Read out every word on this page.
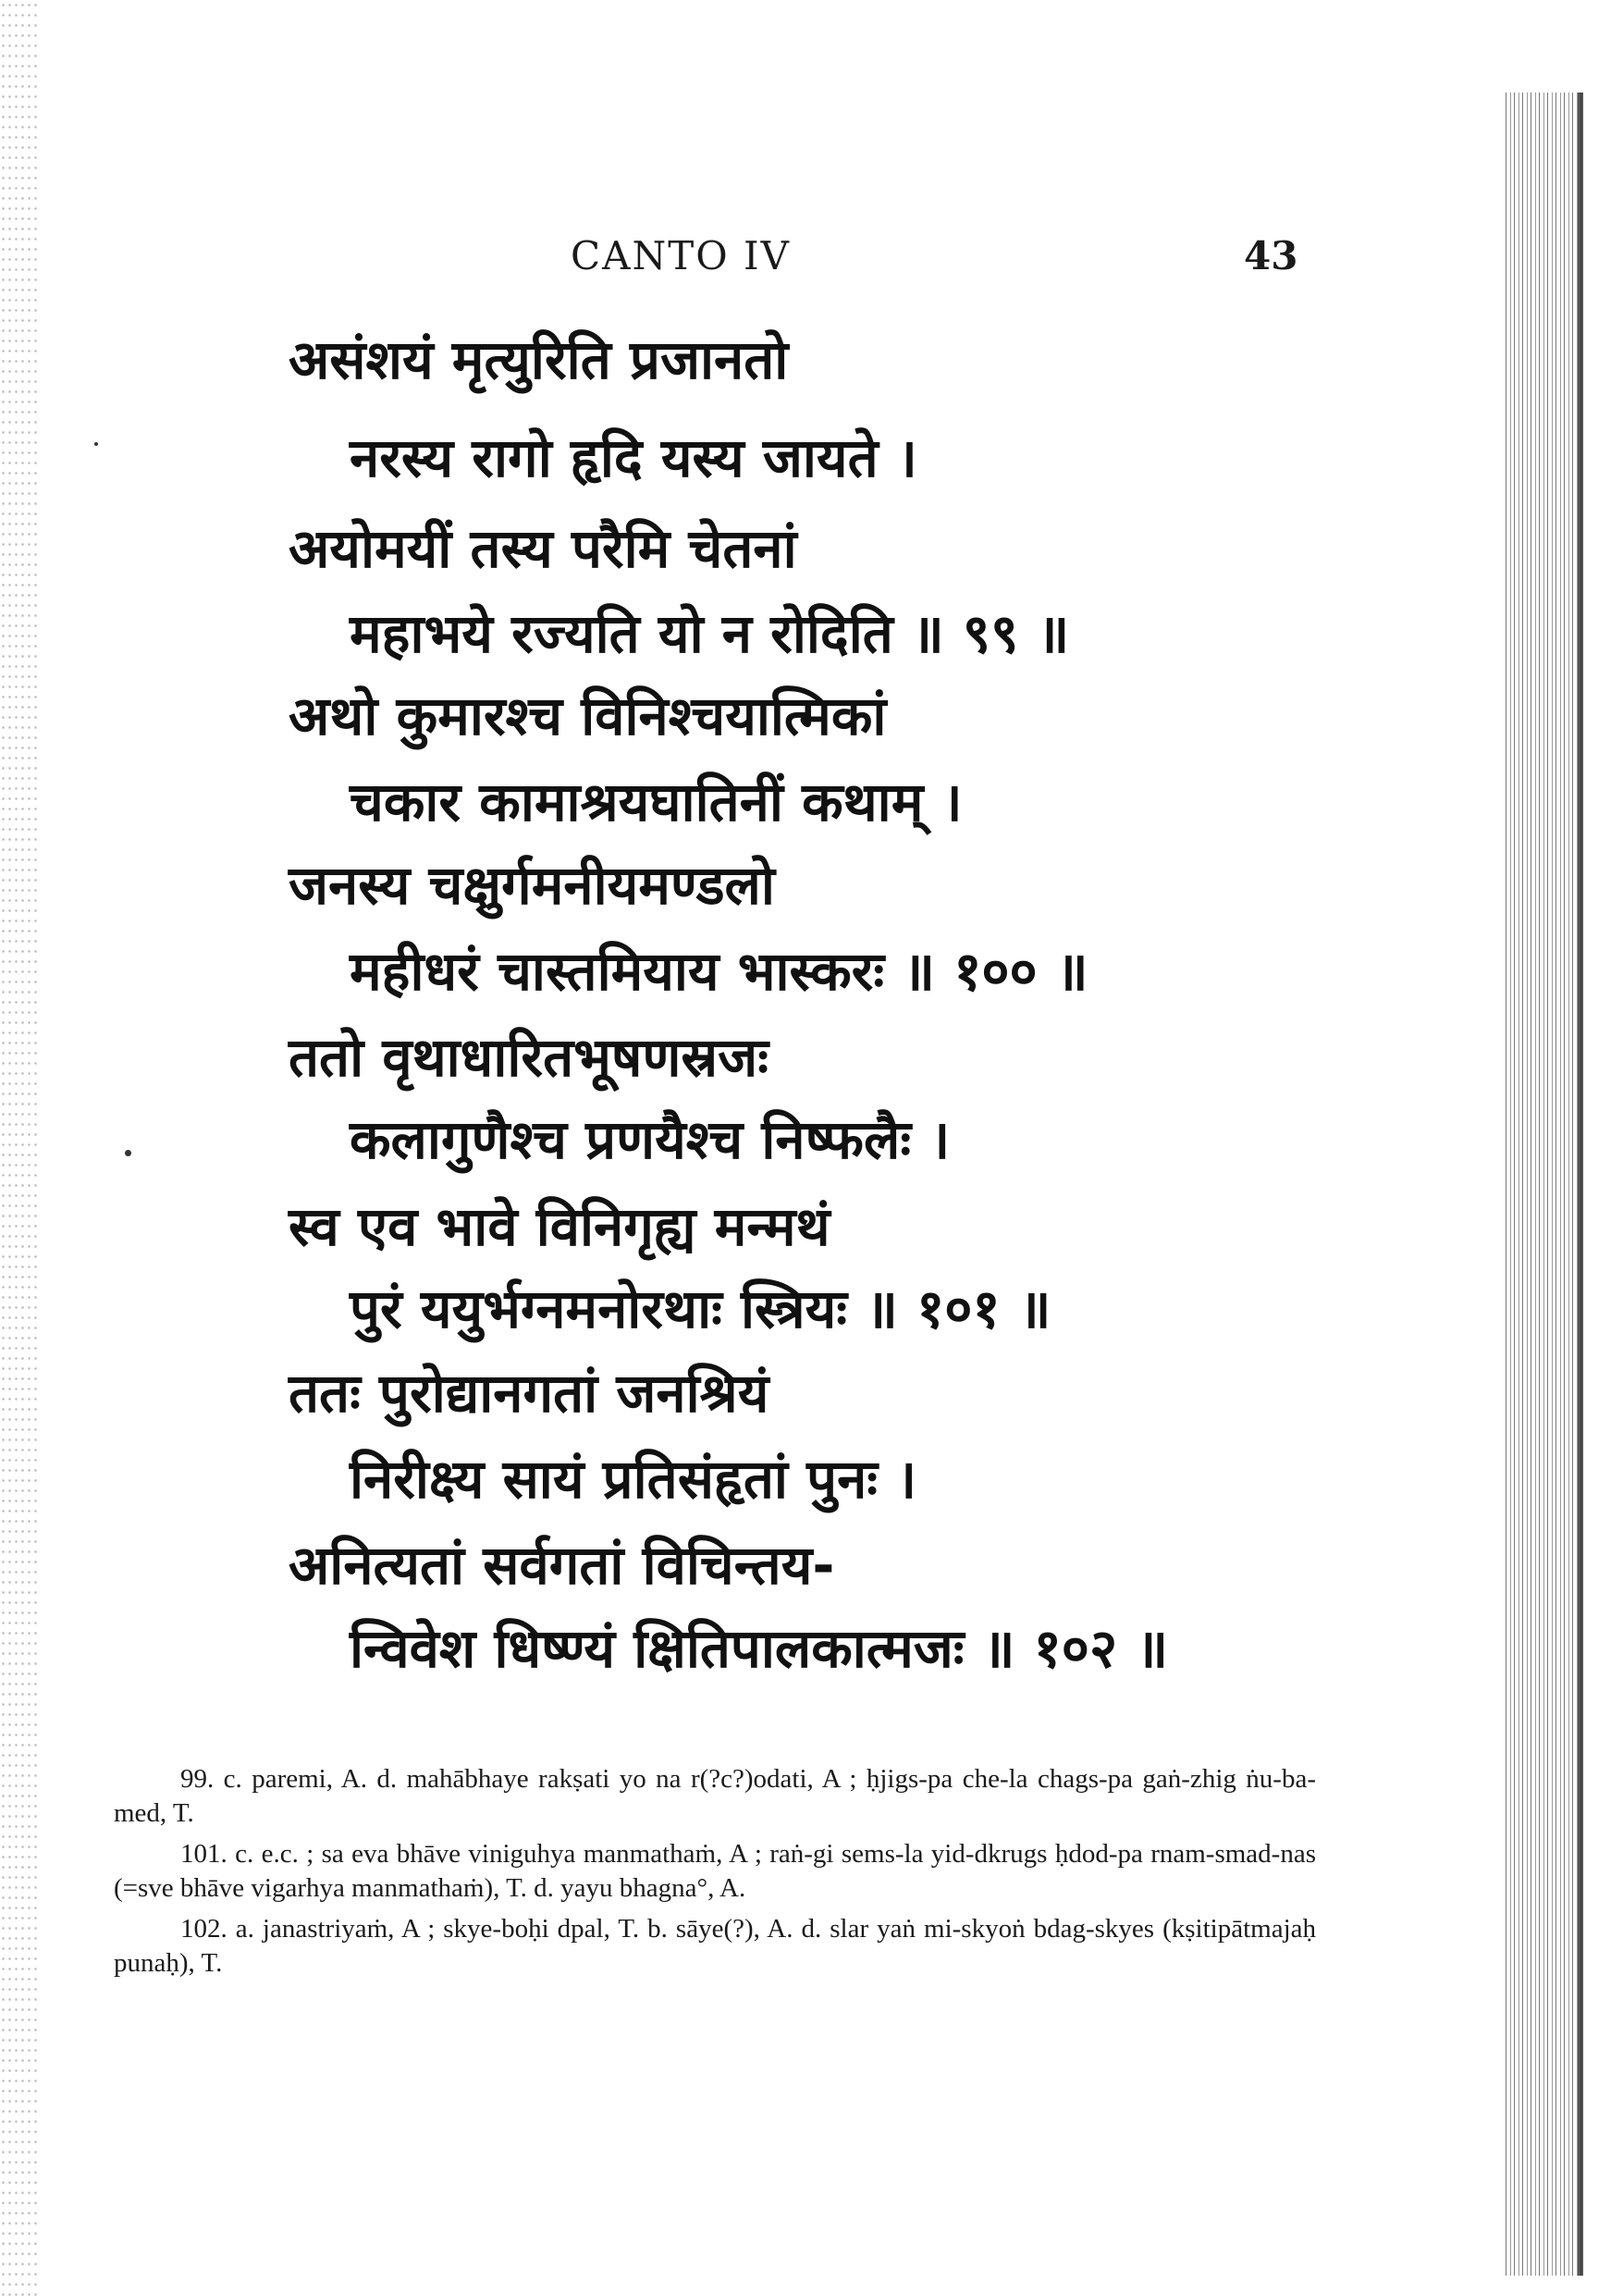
CANTO IV	43
असंशयं मृत्युरिति प्रजानतो
नरस्य रागो हृदि यस्य जायते ।
अयोमयीं तस्य परैमि चेतनां
महाभये रज्यति यो न रोदिति ॥ ९९ ॥
अथो कुमारश्च विनिश्चयात्मिकां
चकार कामाश्रयघातिनीं कथाम् ।
जनस्य चक्षुर्गमनीयमण्डलो
महीधरं चास्तमियाय भास्करः ॥ १०० ॥
ततो वृथाधारितभूषणस्रजः
कलागुणैश्च प्रणयैश्च निष्फलैः ।
स्व एव भावे विनिगृह्य मन्मथं
पुरं ययुर्भग्नमनोरथाः स्त्रियः ॥ १०१ ॥
ततः पुरोद्यानगतां जनश्रियं
निरीक्ष्य सायं प्रतिसंहृतां पुनः ।
अनित्यतां सर्वगतां विचिन्तय-
न्विवेश धिष्ण्यं क्षितिपालकात्मजः ॥ १०२ ॥

99. c. paremi, A. d. mahābhaye rakṣati yo na r(?c?)odati, A ; ḥjigs-pa che-la chags-pa gaṅ-zhig ṅu-ba-med, T.

101. c. e.c. ; sa eva bhāve viniguhya manmathaṁ, A ; raṅ-gi sems-la yid-dkrugs ḥdod-pa rnam-smad-nas (=sve bhāve vigarhya manmathaṁ), T. d. yayu bhagna°, A.

102. a. janastriyaṁ, A ; skye-boḥi dpal, T. b. sāye(?), A. d. slar yaṅ mi-skyoṅ bdag-skyes (kṣitipātmajaḥ punaḥ), T.
